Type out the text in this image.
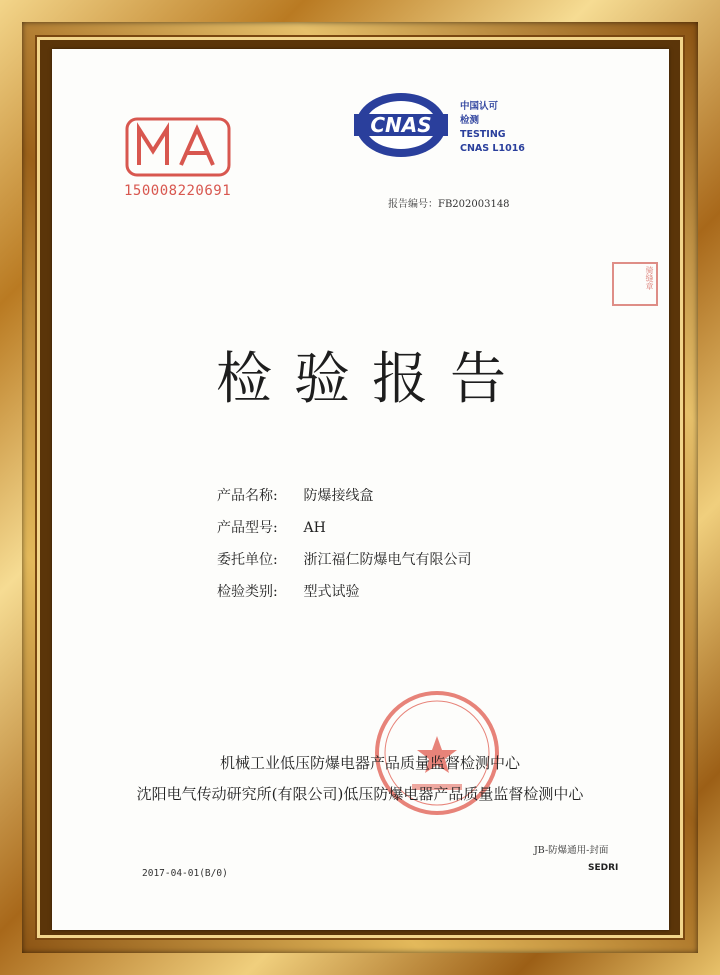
150008220691
CNAS
中国认可
检测
TESTING
CNAS L1016
报告编号：FB202003148
骑缝章
检验报告
产品名称: 防爆接线盒
产品型号: AH
委托单位: 浙江福仁防爆电气有限公司
检验类别: 型式试验
机械工业低压防爆电器产品质量监督检测中心
沈阳电气传动研究所(有限公司)低压防爆电器产品质量监督检测中心
JB-防爆通用-封面
2017-04-01(B/0)	SEDRI
